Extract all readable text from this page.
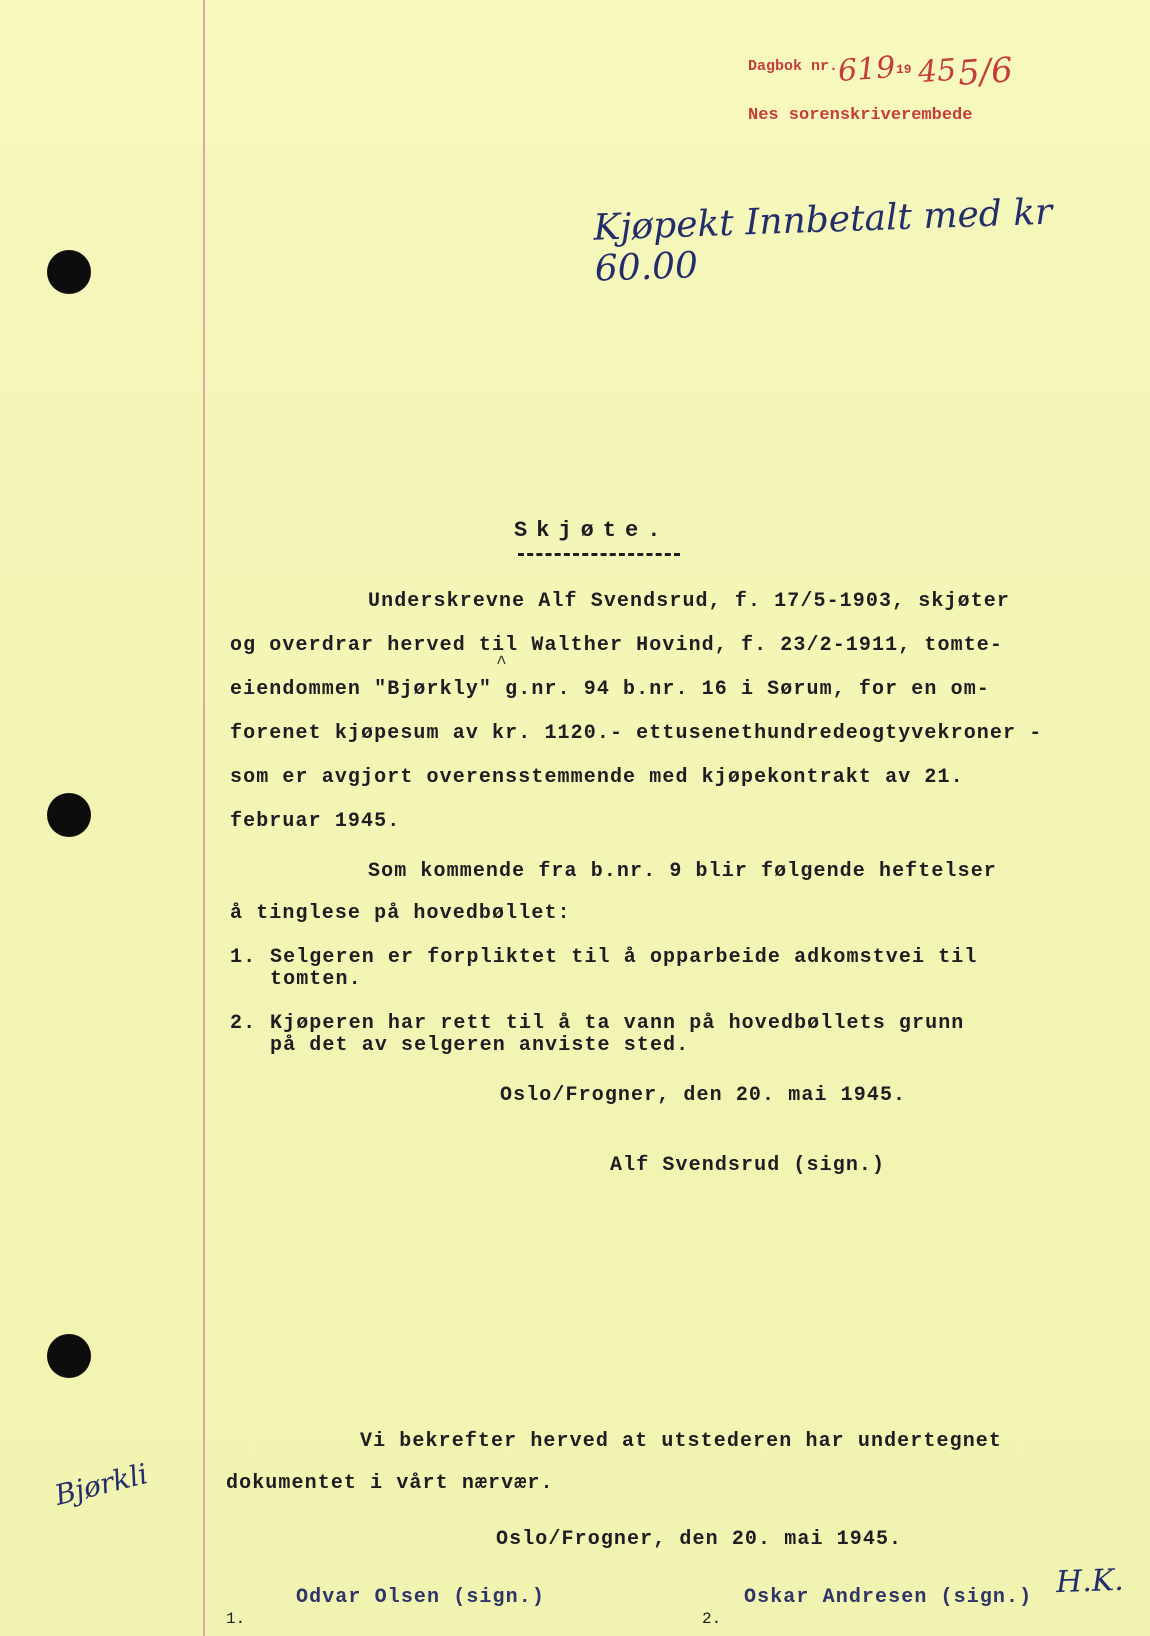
Dagbok nr.
619 19 45 5/6
Nes sorenskriverembede
Kjøpekt Innbetalt med kr 60.00
Skjøte.
Underskrevne Alf Svendsrud, f. 17/5-1903, skjøter
og overdrar herved til Walther Hovind, f. 23/2-1911, tomte-
^
eiendommen "Bjørkly" g.nr. 94 b.nr. 16 i Sørum, for en om-
forenet kjøpesum av kr. 1120.- ettusenethundredeogtyvekroner -
som er avgjort overensstemmende med kjøpekontrakt av 21.
februar 1945.
Som kommende fra b.nr. 9 blir følgende heftelser
å tinglese på hovedbøllet:
1. Selgeren er forpliktet til å opparbeide adkomstvei til
tomten.
2. Kjøperen har rett til å ta vann på hovedbøllets grunn
på det av selgeren anviste sted.
Oslo/Frogner, den 20. mai 1945.
Alf Svendsrud (sign.)
Vi bekrefter herved at utstederen har undertegnet
dokumentet i vårt nærvær.
Oslo/Frogner, den 20. mai 1945.
1.
Odvar Olsen (sign.)
2.
Oskar Andresen (sign.)
Bjørkli
H.K.
